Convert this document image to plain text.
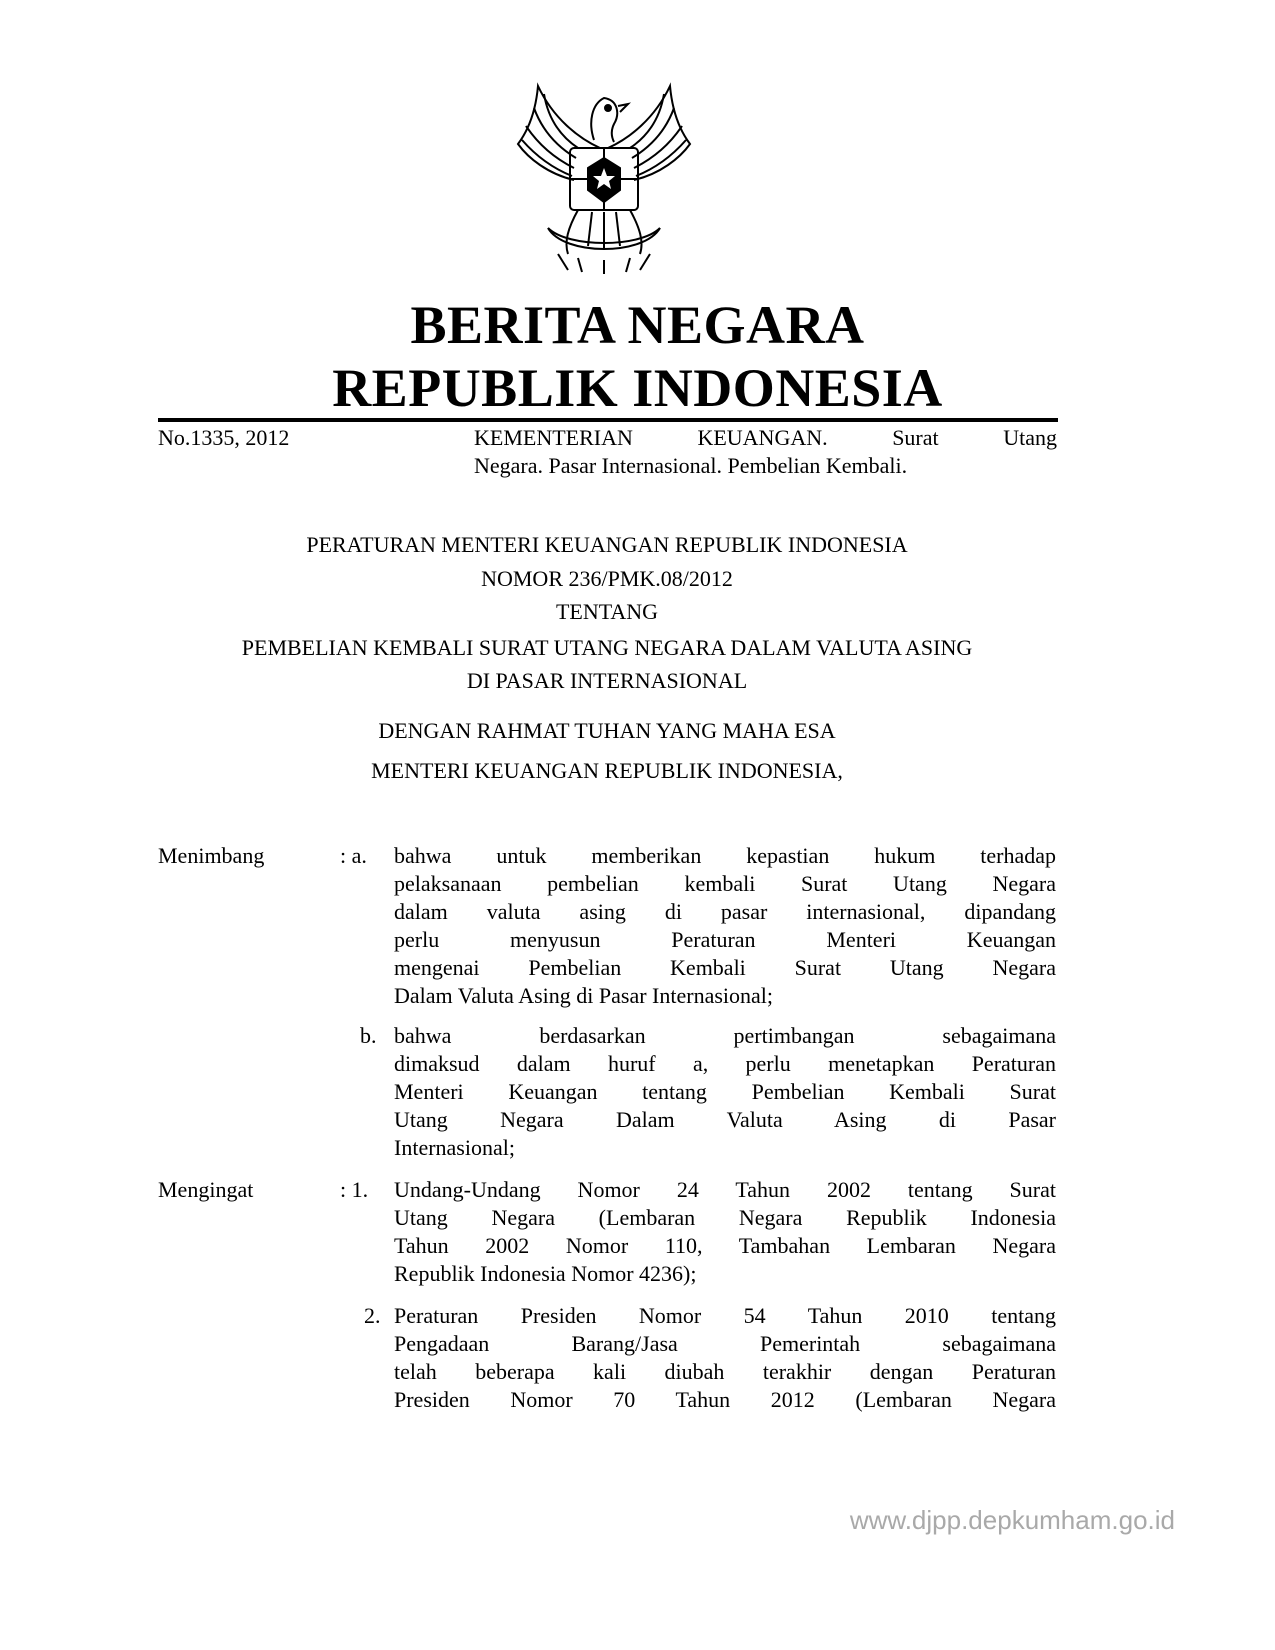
BERITA NEGARA
REPUBLIK INDONESIA
No.1335, 2012	KEMENTERIAN KEUANGAN. Surat Utang
Negara. Pasar Internasional. Pembelian Kembali.
PERATURAN MENTERI KEUANGAN REPUBLIK INDONESIA
NOMOR 236/PMK.08/2012
TENTANG
PEMBELIAN KEMBALI SURAT UTANG NEGARA DALAM VALUTA ASING
DI PASAR INTERNASIONAL
DENGAN RAHMAT TUHAN YANG MAHA ESA
MENTERI KEUANGAN REPUBLIK INDONESIA,
Menimbang	: a. bahwa untuk memberikan kepastian hukum terhadap
pelaksanaan pembelian kembali Surat Utang Negara
dalam valuta asing di pasar internasional, dipandang
perlu menyusun Peraturan Menteri Keuangan
mengenai Pembelian Kembali Surat Utang Negara
Dalam Valuta Asing di Pasar Internasional;
b. bahwa berdasarkan pertimbangan sebagaimana
dimaksud dalam huruf a, perlu menetapkan Peraturan
Menteri Keuangan tentang Pembelian Kembali Surat
Utang Negara Dalam Valuta Asing di Pasar
Internasional;
Mengingat	: 1. Undang-Undang Nomor 24 Tahun 2002 tentang Surat
Utang Negara (Lembaran Negara Republik Indonesia
Tahun 2002 Nomor 110, Tambahan Lembaran Negara
Republik Indonesia Nomor 4236);
2. Peraturan Presiden Nomor 54 Tahun 2010 tentang
Pengadaan Barang/Jasa Pemerintah sebagaimana
telah beberapa kali diubah terakhir dengan Peraturan
Presiden Nomor 70 Tahun 2012 (Lembaran Negara
www.djpp.depkumham.go.id
